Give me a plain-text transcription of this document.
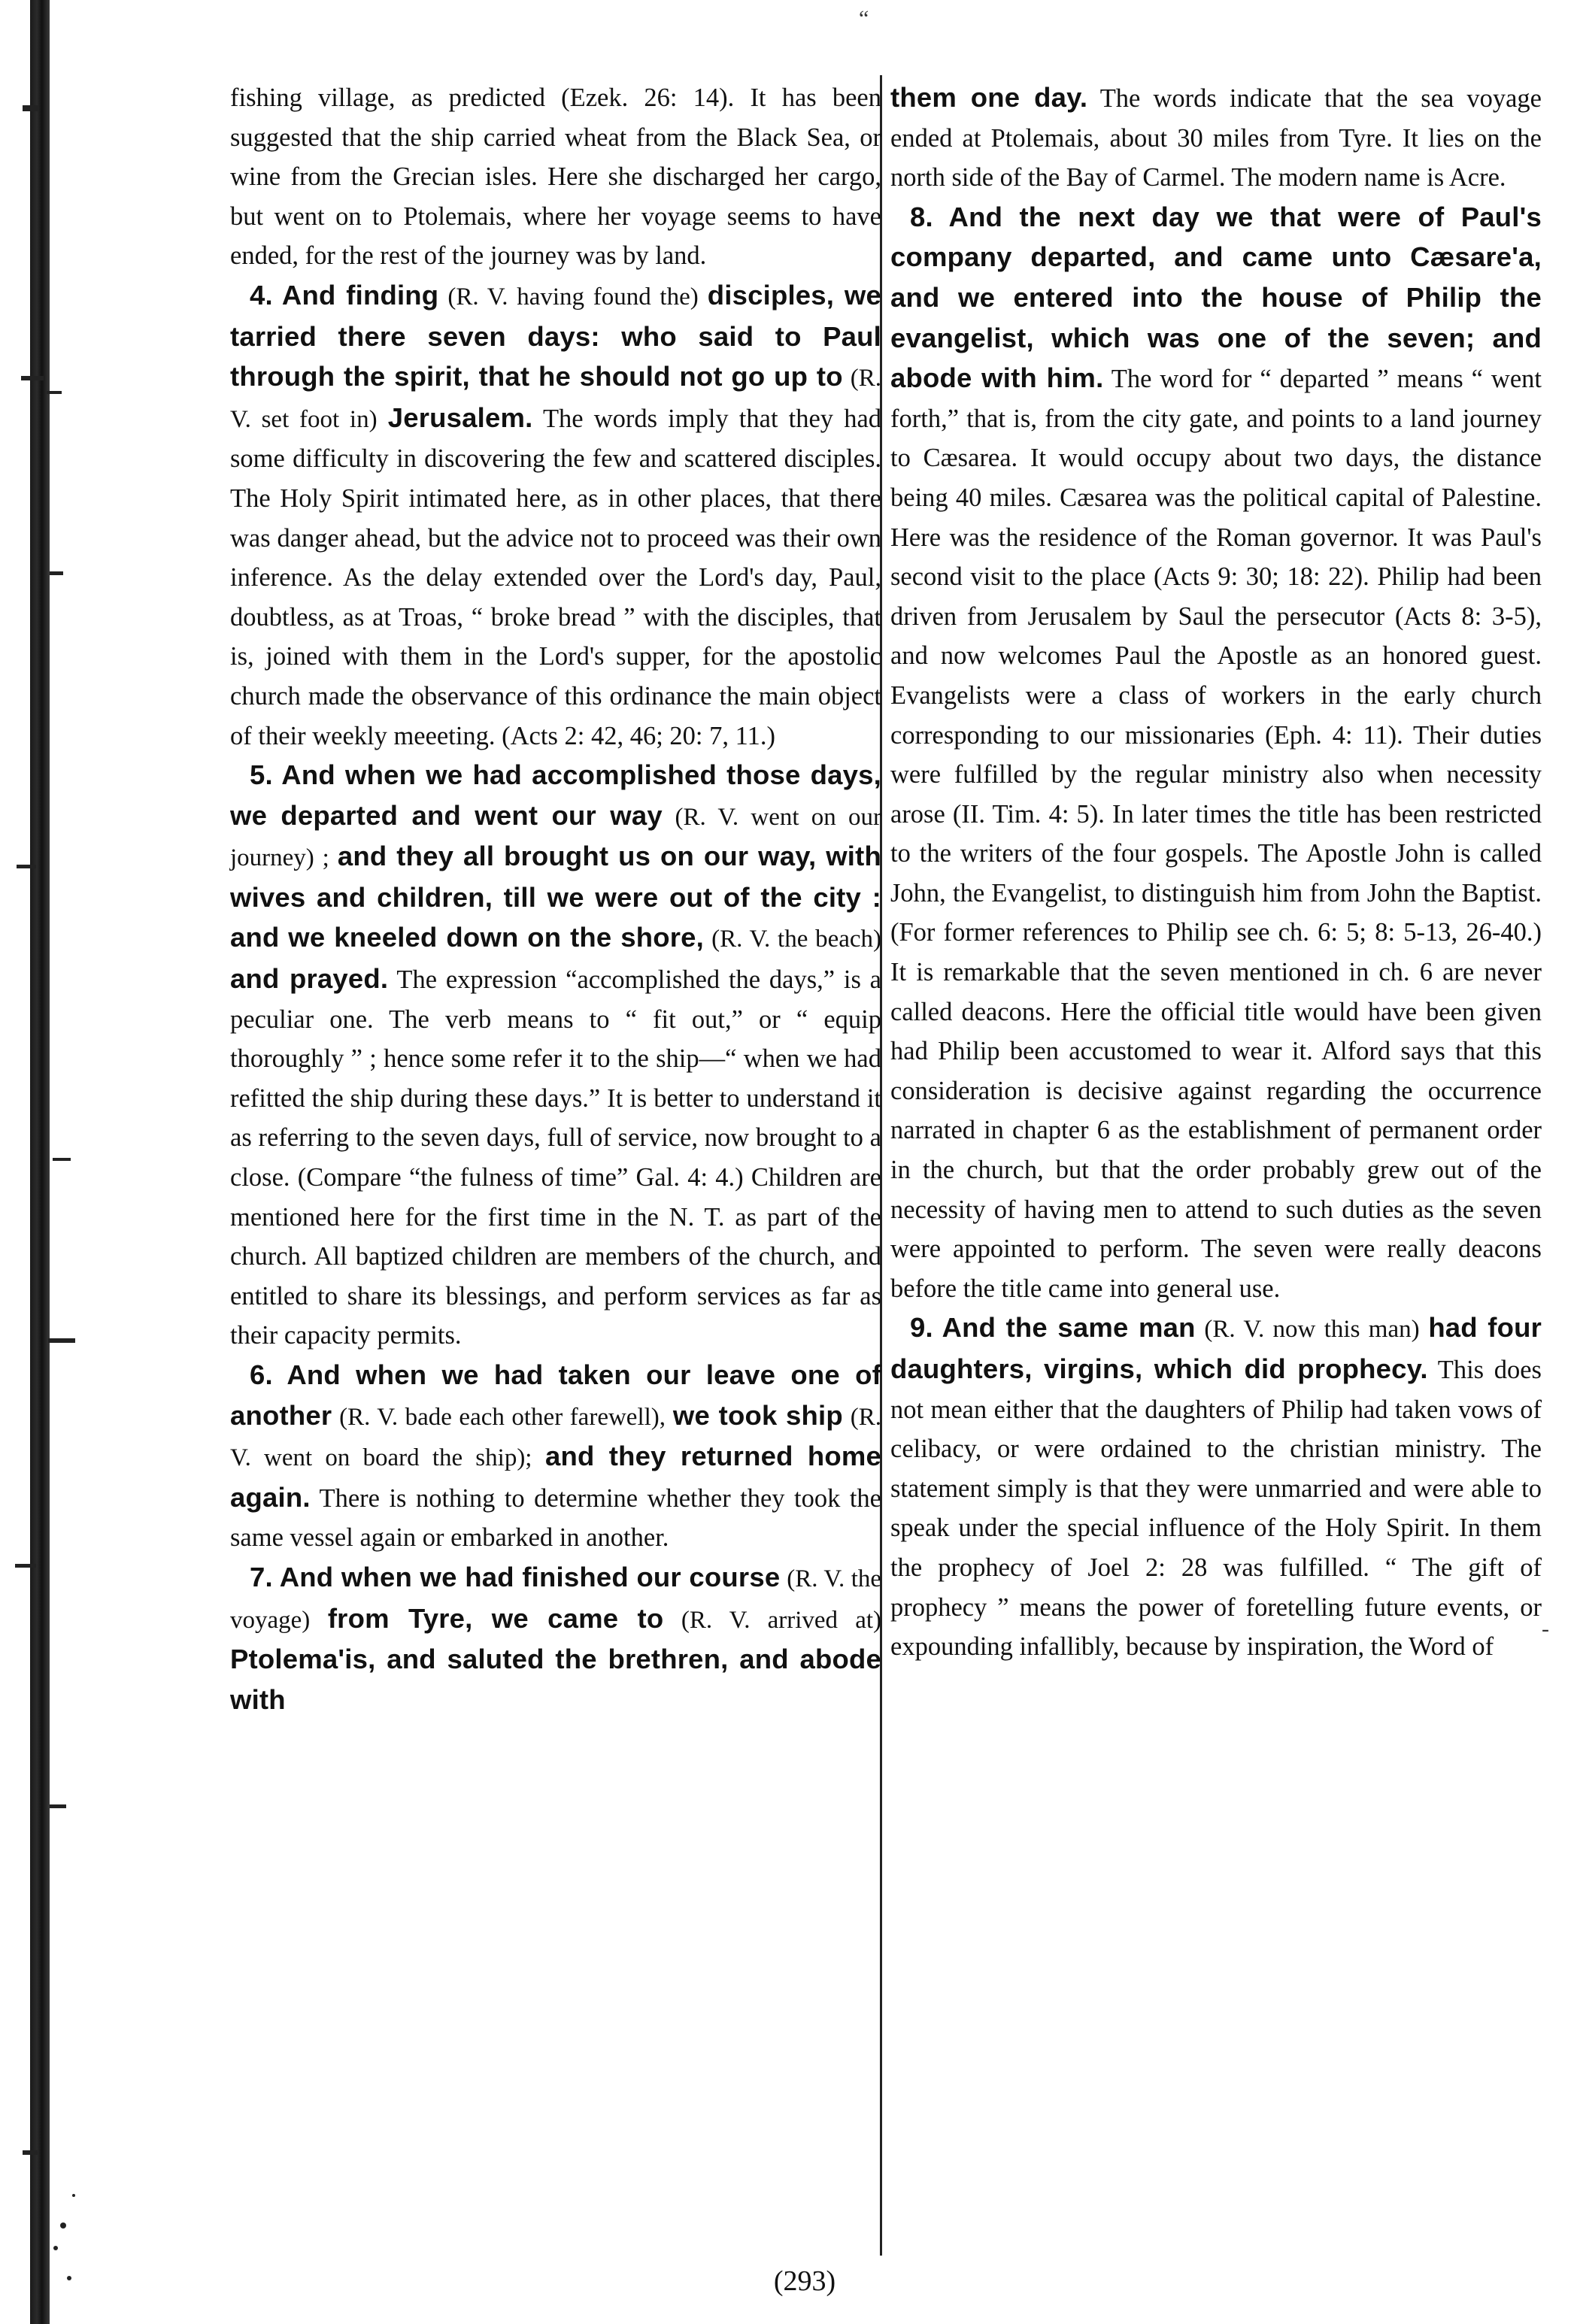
fishing village, as predicted (Ezek. 26: 14). It has been suggested that the ship carried wheat from the Black Sea, or wine from the Grecian isles. Here she discharged her cargo, but went on to Ptolemais, where her voyage seems to have ended, for the rest of the journey was by land.

4. And finding (R. V. having found the) disciples, we tarried there seven days: who said to Paul through the spirit, that he should not go up to (R. V. set foot in) Jerusalem. The words imply that they had some difficulty in discovering the few and scattered disciples. The Holy Spirit intimated here, as in other places, that there was danger ahead, but the advice not to proceed was their own inference. As the delay extended over the Lord's day, Paul, doubtless, as at Troas, “ broke bread ” with the disciples, that is, joined with them in the Lord's supper, for the apostolic church made the observance of this ordinance the main object of their weekly meeeting. (Acts 2: 42, 46; 20: 7, 11.)

5. And when we had accomplished those days, we departed and went our way (R. V. went on our journey) ; and they all brought us on our way, with wives and children, till we were out of the city : and we kneeled down on the shore, (R. V. the beach) and prayed. The expression “accomplished the days,” is a peculiar one. The verb means to “ fit out,” or “ equip thoroughly ” ; hence some refer it to the ship—“ when we had refitted the ship during these days.” It is better to understand it as referring to the seven days, full of service, now brought to a close. (Compare “the fulness of time” Gal. 4: 4.) Children are mentioned here for the first time in the N. T. as part of the church. All baptized children are members of the church, and entitled to share its blessings, and perform services as far as their capacity permits.

6. And when we had taken our leave one of another (R. V. bade each other farewell), we took ship (R. V. went on board the ship); and they returned home again. There is nothing to determine whether they took the same vessel again or embarked in another.

7. And when we had finished our course (R. V. the voyage) from Tyre, we came to (R. V. arrived at) Ptolema'is, and saluted the brethren, and abode with

them one day. The words indicate that the sea voyage ended at Ptolemais, about 30 miles from Tyre. It lies on the north side of the Bay of Carmel. The modern name is Acre.

8. And the next day we that were of Paul's company departed, and came unto Cæsare'a, and we entered into the house of Philip the evangelist, which was one of the seven; and abode with him. The word for “ departed ” means “ went forth,” that is, from the city gate, and points to a land journey to Cæsarea. It would occupy about two days, the distance being 40 miles. Cæsarea was the political capital of Palestine. Here was the residence of the Roman governor. It was Paul's second visit to the place (Acts 9: 30; 18: 22). Philip had been driven from Jerusalem by Saul the persecutor (Acts 8: 3-5), and now welcomes Paul the Apostle as an honored guest. Evangelists were a class of workers in the early church corresponding to our missionaries (Eph. 4: 11). Their duties were fulfilled by the regular ministry also when necessity arose (II. Tim. 4: 5). In later times the title has been restricted to the writers of the four gospels. The Apostle John is called John, the Evangelist, to distinguish him from John the Baptist. (For former references to Philip see ch. 6: 5; 8: 5-13, 26-40.) It is remarkable that the seven mentioned in ch. 6 are never called deacons. Here the official title would have been given had Philip been accustomed to wear it. Alford says that this consideration is decisive against regarding the occurrence narrated in chapter 6 as the establishment of permanent order in the church, but that the order probably grew out of the necessity of having men to attend to such duties as the seven were appointed to perform. The seven were really deacons before the title came into general use.

9. And the same man (R. V. now this man) had four daughters, virgins, which did prophecy. This does not mean either that the daughters of Philip had taken vows of celibacy, or were ordained to the christian ministry. The statement simply is that they were unmarried and were able to speak under the special influence of the Holy Spirit. In them the prophecy of Joel 2: 28 was fulfilled. “ The gift of prophecy ” means the power of foretelling future events, or expounding infallibly, because by inspiration, the Word of

(293)
“
-
